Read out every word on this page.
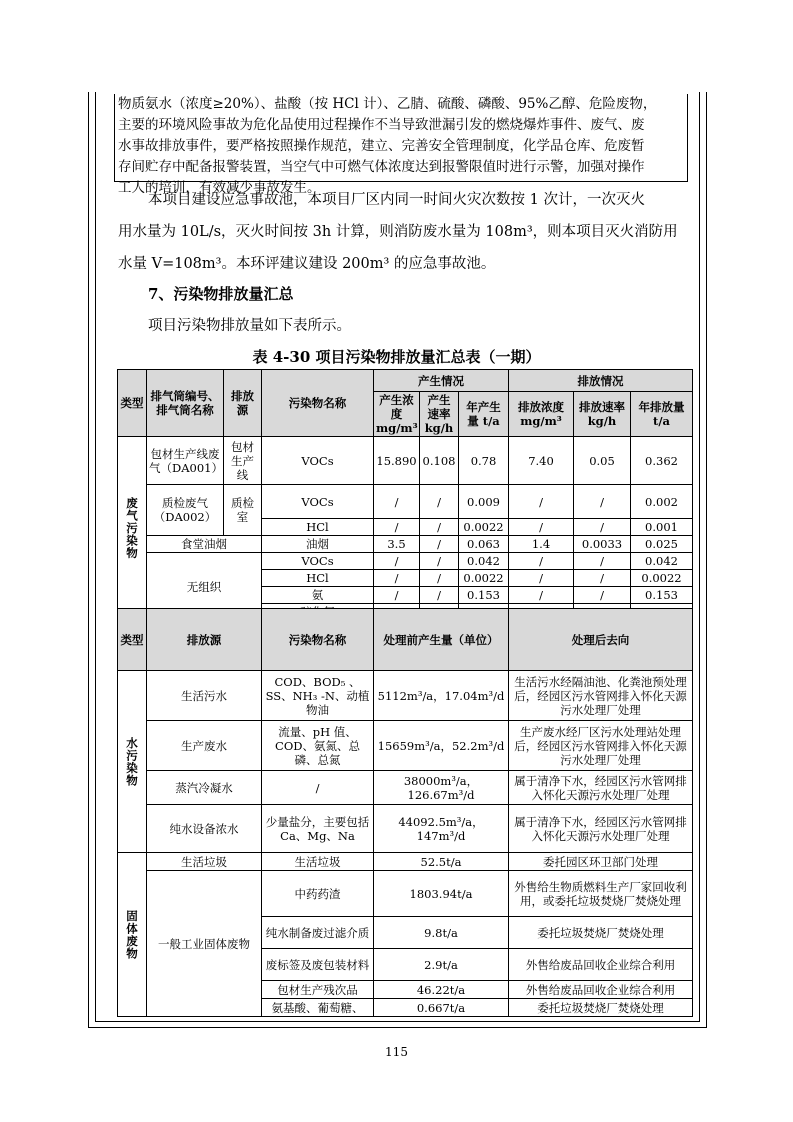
物质氨水（浓度≥20%）、盐酸（按 HCl 计）、乙腈、硫酸、磷酸、95%乙醇、危险废物，
主要的环境风险事故为危化品使用过程操作不当导致泄漏引发的燃烧爆炸事件、废气、废
水事故排放事件，要严格按照操作规范，建立、完善安全管理制度，化学品仓库、危废暂
存间贮存中配备报警装置，当空气中可燃气体浓度达到报警限值时进行示警，加强对操作
工人的培训，有效减少事故发生。
本项目建设应急事故池，本项目厂区内同一时间火灾次数按 1 次计，一次灭火
用水量为 10L/s，灭火时间按 3h 计算，则消防废水量为 108m³，则本项目灭火消防用
水量 V=108m³。本环评建议建设 200m³ 的应急事故池。
7、污染物排放量汇总
项目污染物排放量如下表所示。
表 4-30 项目污染物排放量汇总表（一期）
类型	排气筒编号、排气筒名称	排放源	污染物名称	产生情况			排放情况		
				产生浓度 mg/m³	产生速率 kg/h	年产生量 t/a	排放浓度 mg/m³	排放速率 kg/h	年排放量 t/a

废气污染物	包材生产线废气（DA001）	包材生产线	VOCs	15.890	0.108	0.78	7.40	0.05	0.362
	质检废气（DA002）	质检室	VOCs	/	/	0.009	/	/	0.002
			HCl	/	/	0.0022	/	/	0.001
	食堂油烟		油烟	3.5	/	0.063	1.4	0.0033	0.025
	无组织		VOCs	/	/	0.042	/	/	0.042
			HCl	/	/	0.0022	/	/	0.0022
			氨	/	/	0.153	/	/	0.153

类型	排放源	污染物名称	处理前产生量（单位）	处理后去向

水污染物	生活污水	COD、BOD₅ 、SS、NH₃ -N、动植物油	5112m³/a，17.04m³/d	生活污水经隔油池、化粪池预处理后，经园区污水管网排入怀化天源污水处理厂处理
	生产废水	流量、pH 值、COD、氨氮、总磷、总氮	15659m³/a，52.2m³/d	生产废水经厂区污水处理站处理后，经园区污水管网排入怀化天源污水处理厂处理
	蒸汽冷凝水	/	38000m³/a，126.67m³/d	属于清净下水，经园区污水管网排入怀化天源污水处理厂处理
	纯水设备浓水	少量盐分，主要包括 Ca、Mg、Na	44092.5m³/a，147m³/d	属于清净下水，经园区污水管网排入怀化天源污水处理厂处理

固体废物	生活垃圾	生活垃圾	52.5t/a	委托园区环卫部门处理
	一般工业固体废物	中药药渣	1803.94t/a	外售给生物质燃料生产厂家回收利用，或委托垃圾焚烧厂焚烧处理
		纯水制备废过滤介质	9.8t/a	委托垃圾焚烧厂焚烧处理
		废标签及废包装材料	2.9t/a	外售给废品回收企业综合利用
		包材生产残次品	46.22t/a	外售给废品回收企业综合利用
		氨基酸、葡萄糖、	0.667t/a	委托垃圾焚烧厂焚烧处理
115
